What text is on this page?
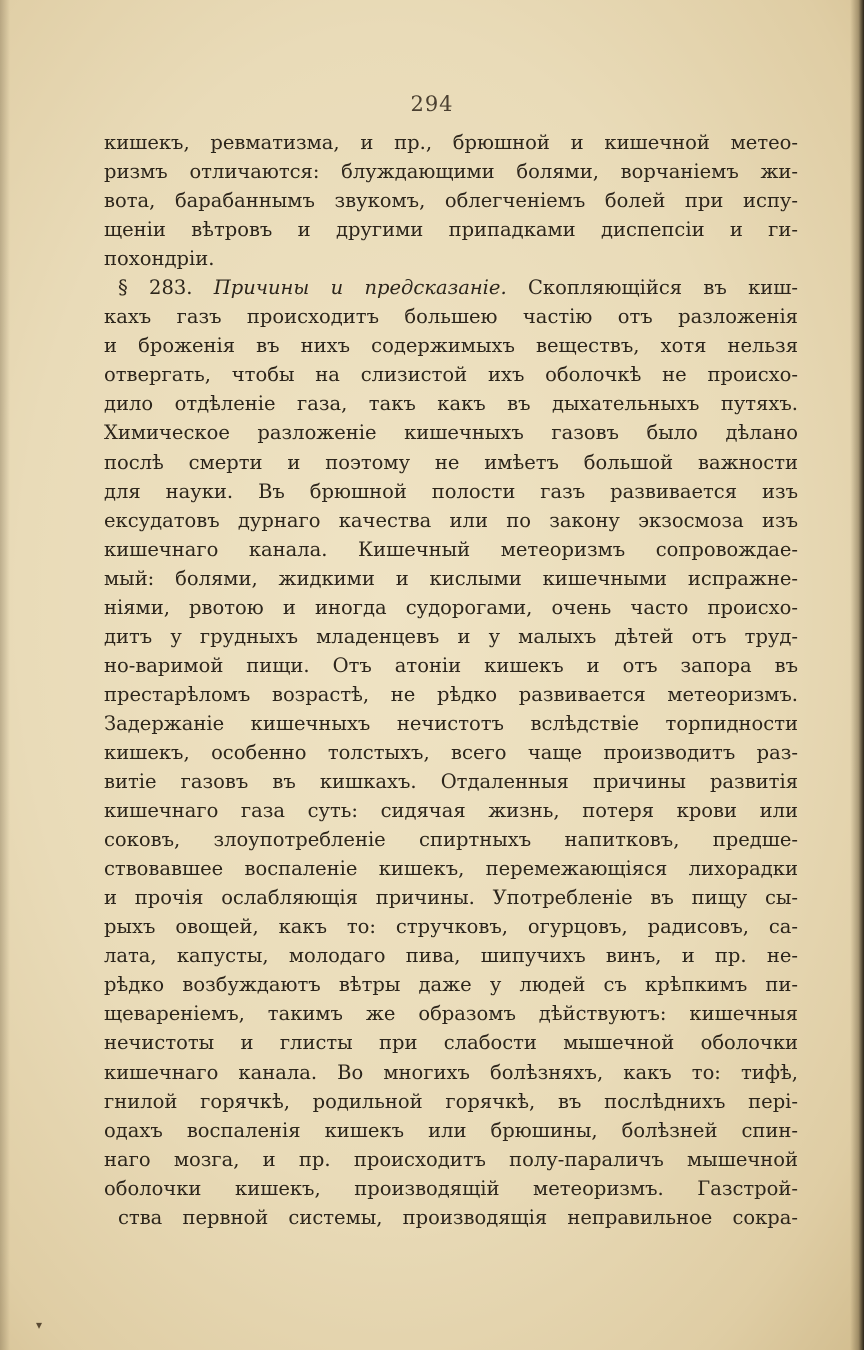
294
кишекъ, ревматизма, и пр., брюшной и кишечной метео-
ризмъ отличаются: блуждающими болями, ворчаніемъ жи-
вота, барабаннымъ звукомъ, облегченіемъ болей при испу-
щеніи вѣтровъ и другими припадками диспепсіи и ги-
похондріи.
§ 283. Причины и предсказаніе. Скопляющійся въ киш-
кахъ газъ происходитъ большею частію отъ разложенія
и броженія въ нихъ содержимыхъ веществъ, хотя нельзя
отвергать, чтобы на слизистой ихъ оболочкѣ не происхо-
дило отдѣленіе газа, такъ какъ въ дыхательныхъ путяхъ.
Химическое разложеніе кишечныхъ газовъ было дѣлано
послѣ смерти и поэтому не имѣетъ большой важности
для науки. Въ брюшной полости газъ развивается изъ
ексудатовъ дурнаго качества или по закону экзосмоза изъ
кишечнаго канала. Кишечный метеоризмъ сопровождае-
мый: болями, жидкими и кислыми кишечными испражне-
ніями, рвотою и иногда судорогами, очень часто происхо-
дитъ у грудныхъ младенцевъ и у малыхъ дѣтей отъ труд-
но-варимой пищи. Отъ атоніи кишекъ и отъ запора въ
престарѣломъ возрастѣ, не рѣдко развивается метеоризмъ.
Задержаніе кишечныхъ нечистотъ вслѣдствіе торпидности
кишекъ, особенно толстыхъ, всего чаще производитъ раз-
витіе газовъ въ кишкахъ. Отдаленныя причины развитія
кишечнаго газа суть: сидячая жизнь, потеря крови или
соковъ, злоупотребленіе спиртныхъ напитковъ, предше-
ствовавшее воспаленіе кишекъ, перемежающіяся лихорадки
и прочія ослабляющія причины. Употребленіе въ пищу сы-
рыхъ овощей, какъ то: стручковъ, огурцовъ, радисовъ, са-
лата, капусты, молодаго пива, шипучихъ винъ, и пр. не-
рѣдко возбуждаютъ вѣтры даже у людей съ крѣпкимъ пи-
щевареніемъ, такимъ же образомъ дѣйствуютъ: кишечныя
нечистоты и глисты при слабости мышечной оболочки
кишечнаго канала. Во многихъ болѣзняхъ, какъ то: тифѣ,
гнилой горячкѣ, родильной горячкѣ, въ послѣднихъ пері-
одахъ воспаленія кишекъ или брюшины, болѣзней спин-
наго мозга, и пр. происходитъ полу-параличъ мышечной
оболочки кишекъ, производящій метеоризмъ. Газстрой-
ства первной системы, производящія неправильное сокра-
▾
